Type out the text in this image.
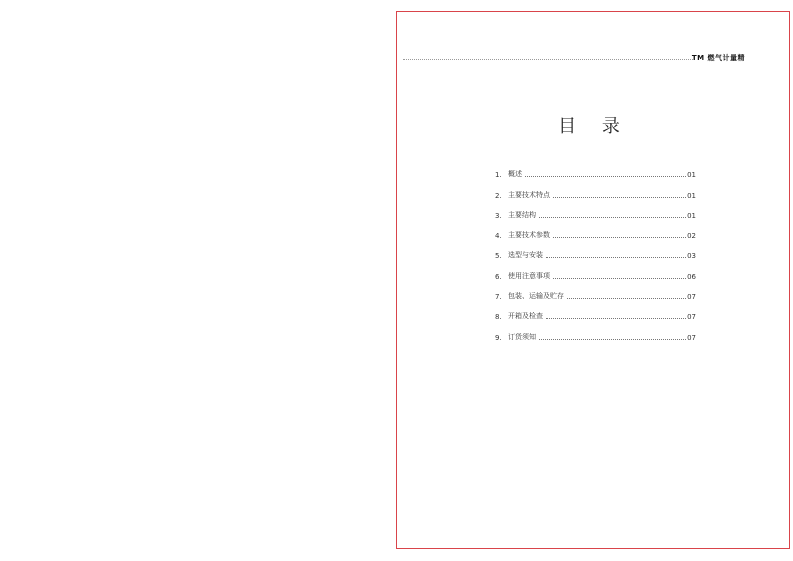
TM 燃气计量精
目 录
1. 概述	01
2. 主要技术特点	01
3. 主要结构	01
4. 主要技术参数	02
5. 选型与安装	03
6. 使用注意事项	06
7. 包装、运输及贮存	07
8. 开箱及检查	07
9. 订货须知	07
